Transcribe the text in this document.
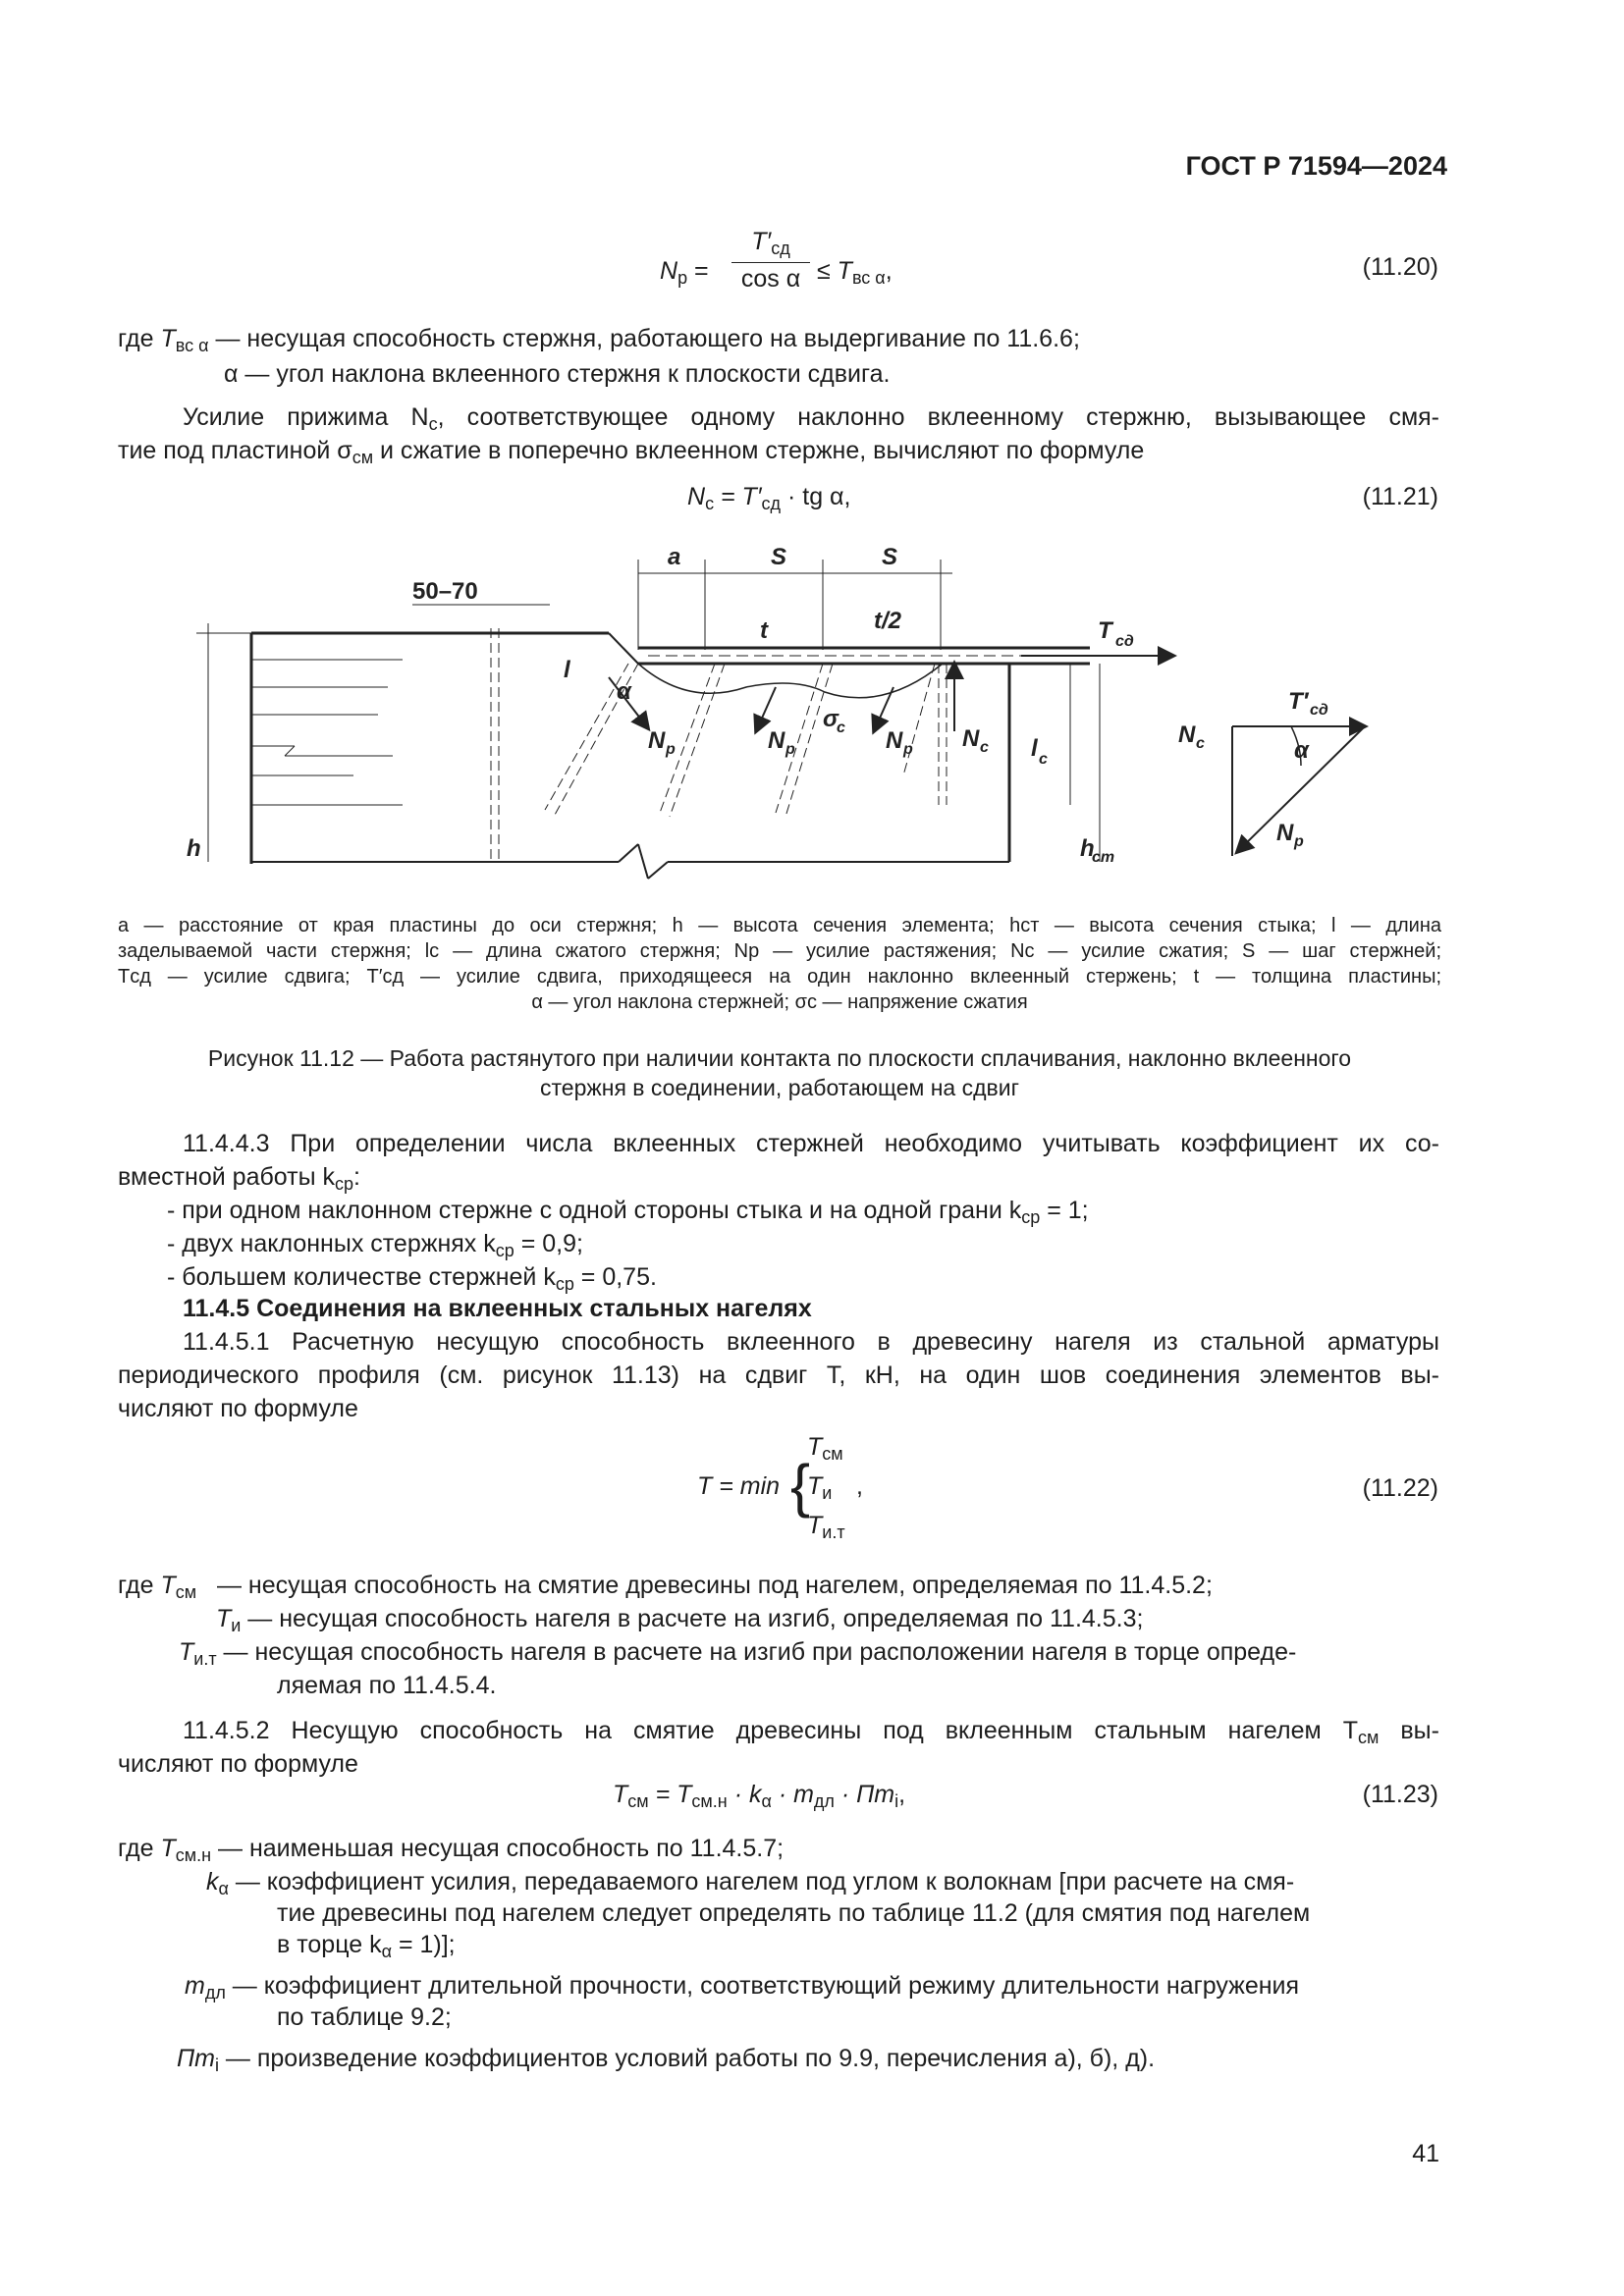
ГОСТ Р 71594—2024
$N_р$ =
$T'_{сд}$
$\cos \alpha \le T_{вс \alpha}$,	(11.20)
где $T_{вс \alpha}$ — несущая способность стержня, работающего на выдергивание по 11.6.6;
α — угол наклона вклеенного стержня к плоскости сдвига.
Усилие прижима $N_с$, соответствующее одному наклонно вклеенному стержню, вызывающее смя-
тие под пластиной $\sigma_{см}$ и сжатие в поперечно вклеенном стержне, вычисляют по формуле
$N_с = T'_{сд}$ · tg α,	(11.21)
a	S	S
50–70
t	t/2	T сд
l
α
N р	N р	N р
σ
с	N с l с
h	h
ст
T′ сд
N с	α
N р
a — расстояние от края пластины до оси стержня; h — высота сечения элемента; hст — высота сечения стыка; l — длина
заделываемой части стержня; lс — длина сжатого стержня; Nр — усилие растяжения; Nс — усилие сжатия; S — шаг стержней;
Tсд — усилие сдвига; T′сд — усилие сдвига, приходящееся на один наклонно вклеенный стержень; t — толщина пластины;
α — угол наклона стержней; σс — напряжение сжатия
Рисунок 11.12 — Работа растянутого при наличии контакта по плоскости сплачивания, наклонно вклеенного
стержня в соединении, работающем на сдвиг
11.4.4.3 При определении числа вклеенных стержней необходимо учитывать коэффициент их со-
вместной работы $k_{ср}$:
- при одном наклонном стержне с одной стороны стыка и на одной грани $k_{ср} = 1$;
- двух наклонных стержнях $k_{ср} = 0,9$;
- большем количестве стержней $k_{ср} = 0,75$.
11.4.5 Соединения на вклеенных стальных нагелях
11.4.5.1 Расчетную несущую способность вклеенного в древесину нагеля из стальной арматуры
периодического профиля (см. рисунок 11.13) на сдвиг T, кН, на один шов соединения элементов вы-
числяют по формуле
T = min {
$T_{см}$
$T_и$ ,
$T_{и.т}$
(11.22)
где $T_{см}$ — несущая способность на смятие древесины под нагелем, определяемая по 11.4.5.2;
$T_и$ — несущая способность нагеля в расчете на изгиб, определяемая по 11.4.5.3;
$T_{и.т}$ — несущая способность нагеля в расчете на изгиб при расположении нагеля в торце опреде-
ляемая по 11.4.5.4.
11.4.5.2 Несущую способность на смятие древесины под вклеенным стальным нагелем $T_{см}$ вы-
числяют по формуле
$T_{см} = T_{см.н} \cdot k_\alpha \cdot m_{дл} \cdot Пm_i$,	(11.23)
где $T_{см.н}$ — наименьшая несущая способность по 11.4.5.7;
$k_\alpha$ — коэффициент усилия, передаваемого нагелем под углом к волокнам [при расчете на смя-
тие древесины под нагелем следует определять по таблице 11.2 (для смятия под нагелем
в торце $k_\alpha = 1$)];
$m_{дл}$ — коэффициент длительной прочности, соответствующий режиму длительности нагружения
по таблице 9.2;
$Пm_i$ — произведение коэффициентов условий работы по 9.9, перечисления а), б), д).
41
